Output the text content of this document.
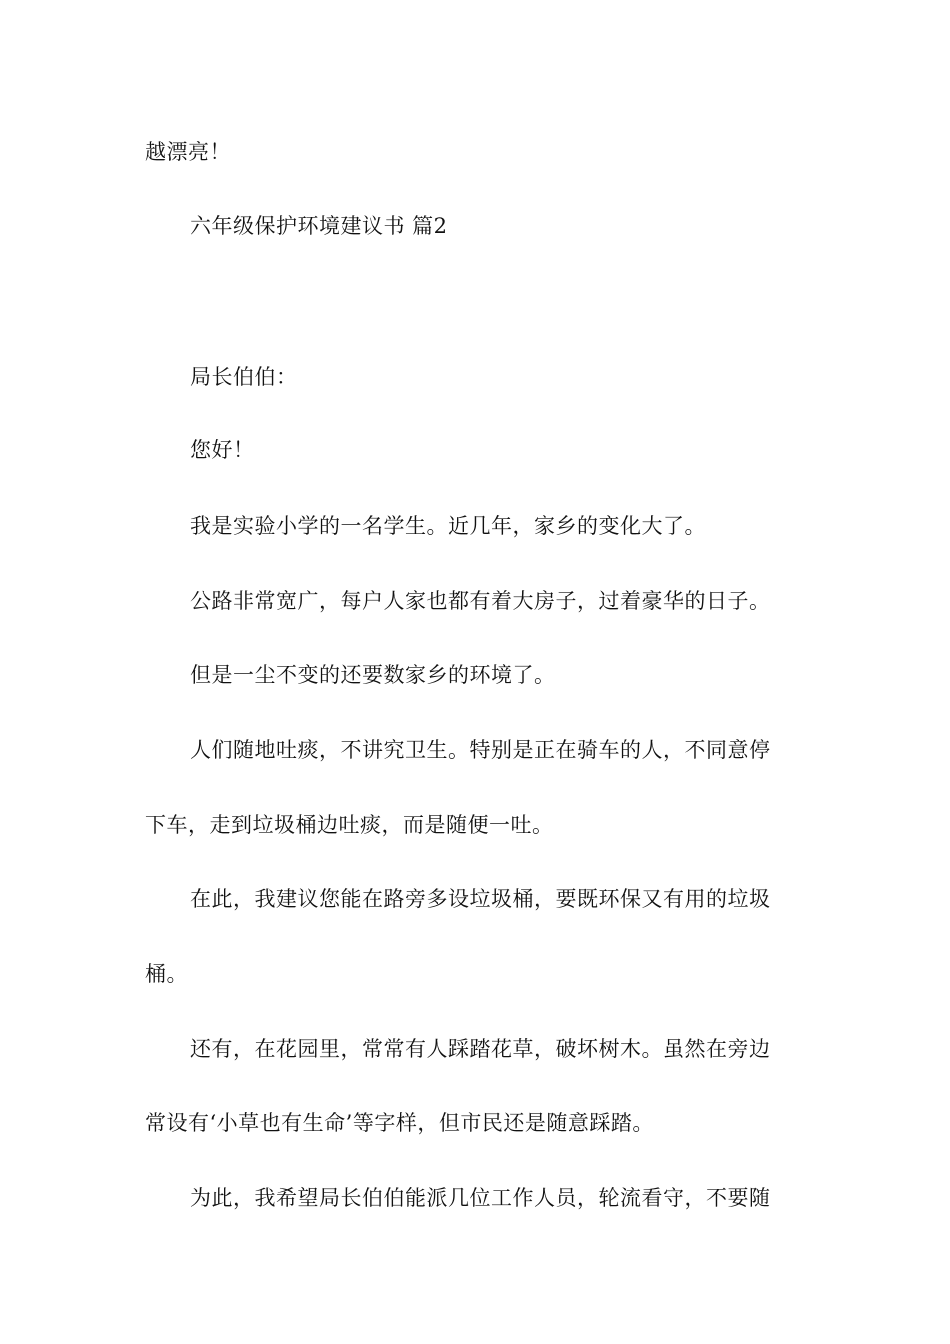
越漂亮！
六年级保护环境建议书 篇2
局长伯伯：
您好！
我是实验小学的一名学生。近几年，家乡的变化大了。
公路非常宽广，每户人家也都有着大房子，过着豪华的日子。
但是一尘不变的还要数家乡的环境了。
人们随地吐痰，不讲究卫生。特别是正在骑车的人，不同意停
下车，走到垃圾桶边吐痰，而是随便一吐。
在此，我建议您能在路旁多设垃圾桶，要既环保又有用的垃圾
桶。
还有，在花园里，常常有人踩踏花草，破坏树木。虽然在旁边
常设有‘小草也有生命’等字样，但市民还是随意踩踏。
为此，我希望局长伯伯能派几位工作人员，轮流看守，不要随
